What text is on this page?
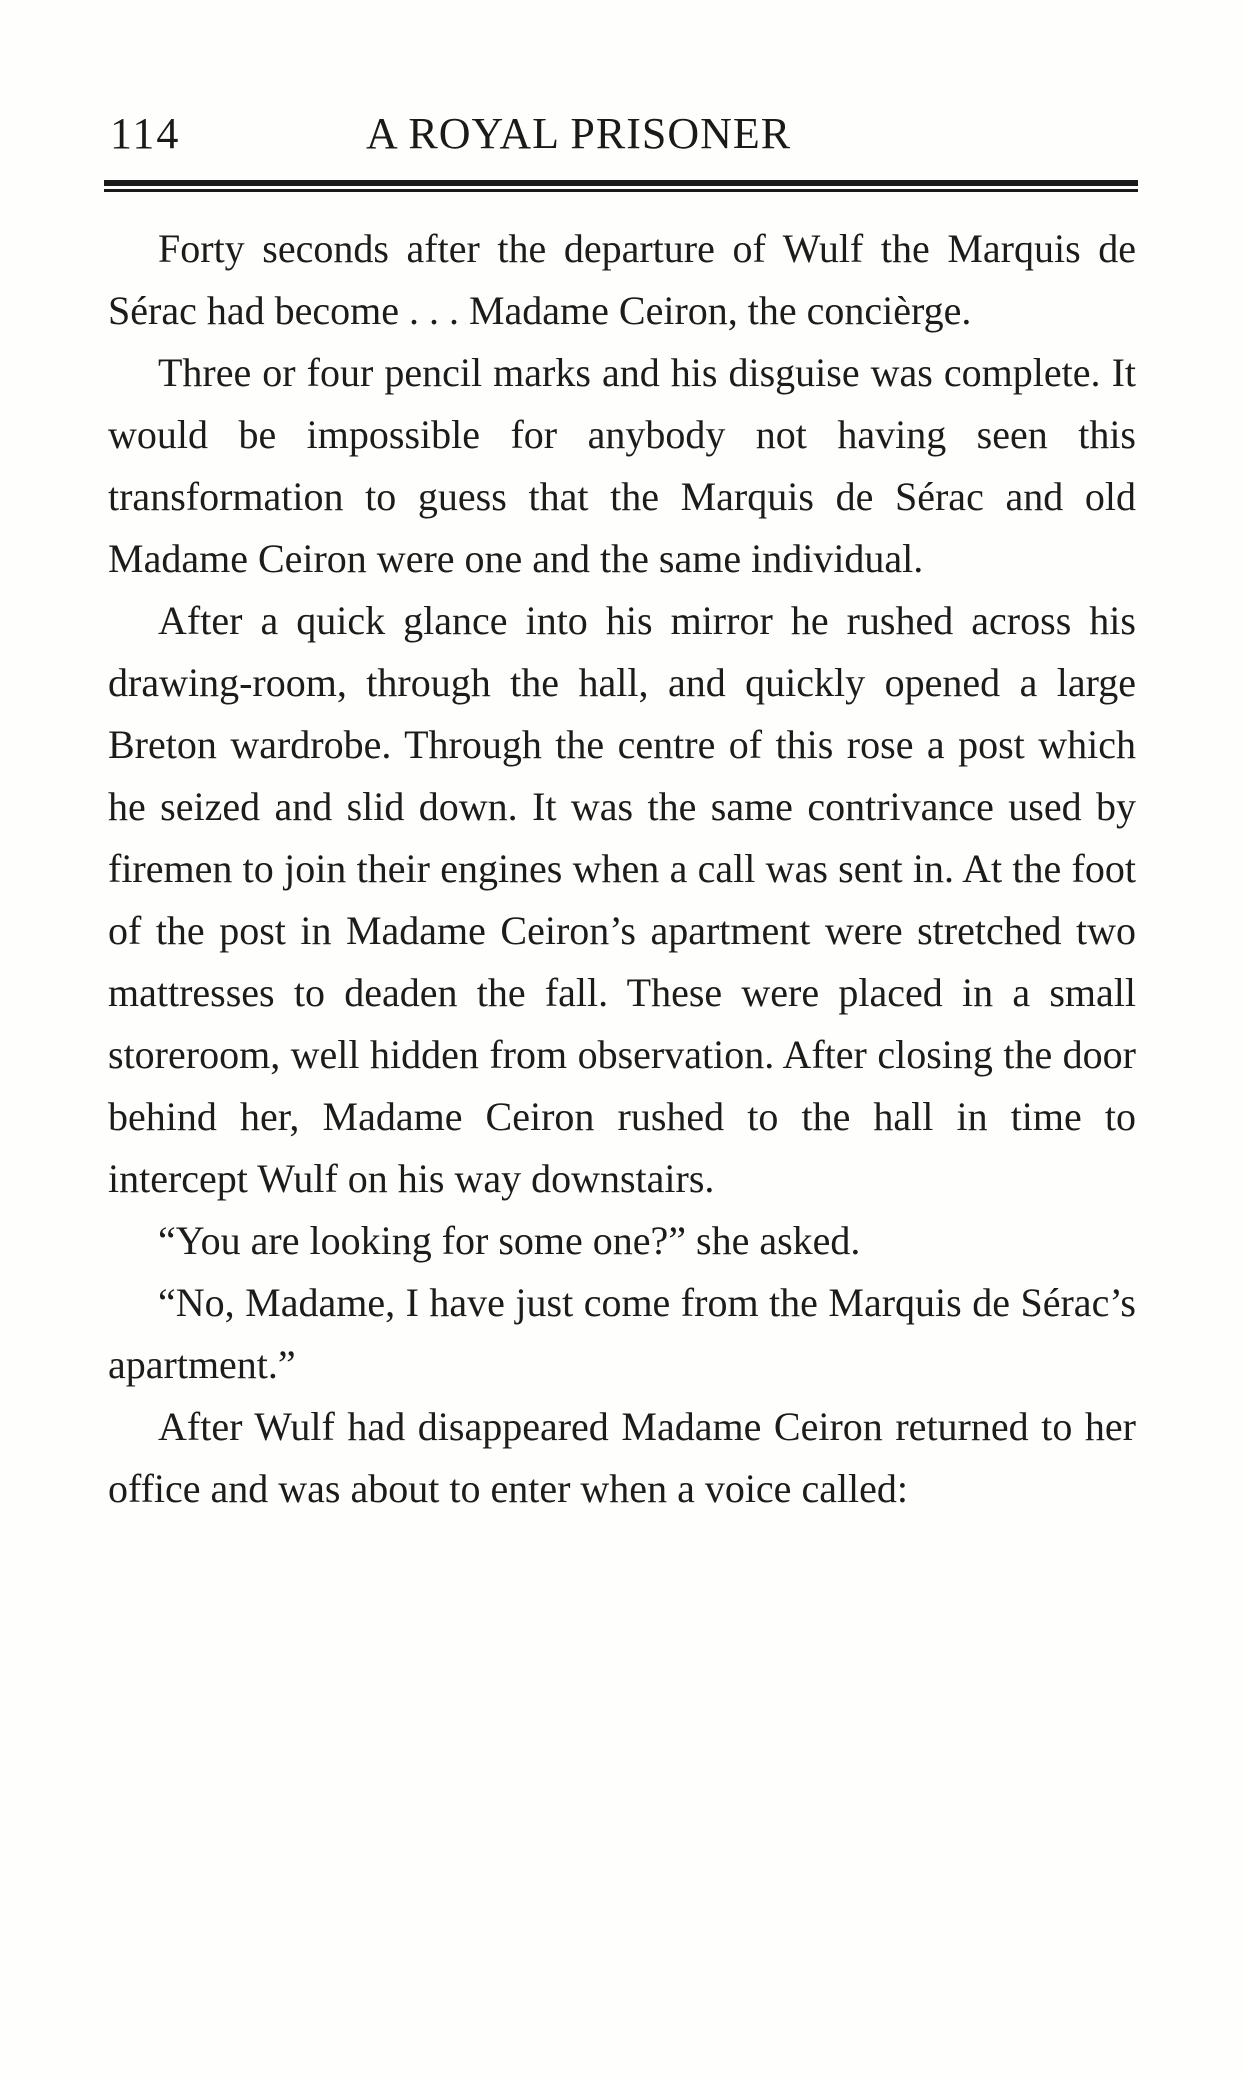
114	A ROYAL PRISONER

Forty seconds after the departure of Wulf the Marquis de Sérac had become . . . Madame Ceiron, the concièrge.

Three or four pencil marks and his disguise was complete. It would be impossible for anybody not having seen this transformation to guess that the Marquis de Sérac and old Madame Ceiron were one and the same individual.

After a quick glance into his mirror he rushed across his drawing-room, through the hall, and quickly opened a large Breton wardrobe. Through the centre of this rose a post which he seized and slid down. It was the same contrivance used by firemen to join their engines when a call was sent in. At the foot of the post in Madame Ceiron’s apartment were stretched two mattresses to deaden the fall. These were placed in a small storeroom, well hidden from observation. After closing the door behind her, Madame Ceiron rushed to the hall in time to intercept Wulf on his way downstairs.

“You are looking for some one?” she asked.

“No, Madame, I have just come from the Marquis de Sérac’s apartment.”

After Wulf had disappeared Madame Ceiron returned to her office and was about to enter when a voice called:
